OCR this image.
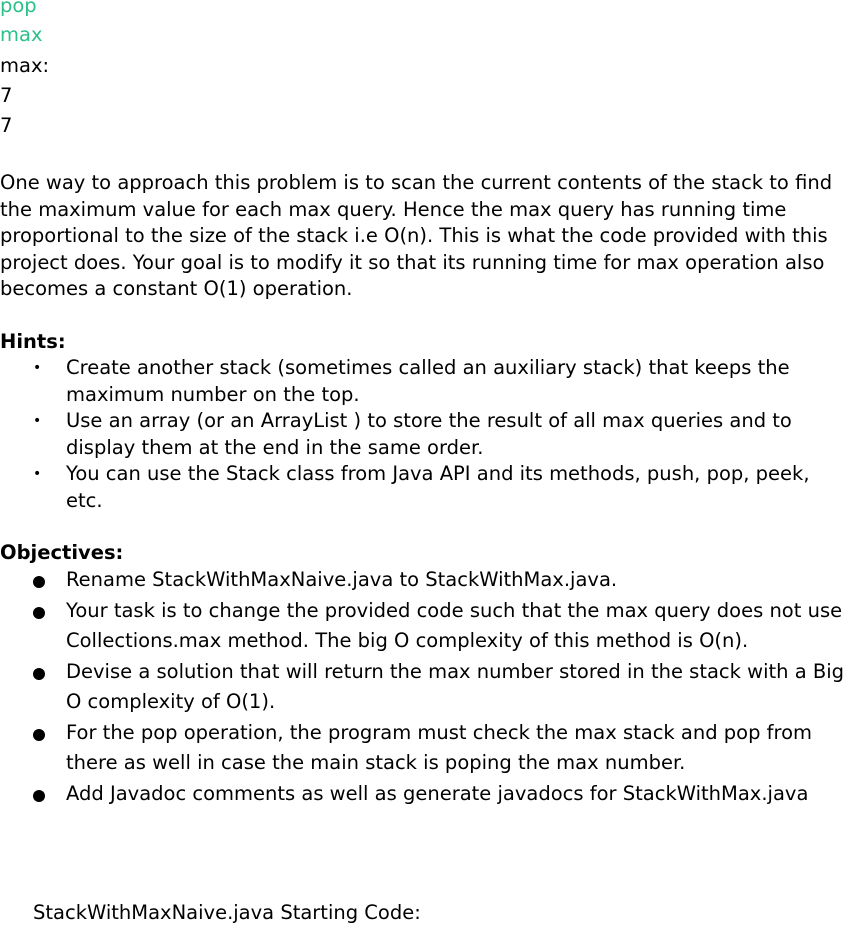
pop
max
max:
7
7
One way to approach this problem is to scan the current contents of the stack to find the maximum value for each max query. Hence the max query has running time proportional to the size of the stack i.e O(n). This is what the code provided with this project does. Your goal is to modify it so that its running time for max operation also becomes a constant O(1) operation.
Hints:
• Create another stack (sometimes called an auxiliary stack) that keeps the maximum number on the top.
• Use an array (or an ArrayList ) to store the result of all max queries and to display them at the end in the same order.
• You can use the Stack class from Java API and its methods, push, pop, peek, etc.
Objectives:
Rename StackWithMaxNaive.java to StackWithMax.java.
Your task is to change the provided code such that the max query does not use Collections.max method. The big O complexity of this method is O(n).
Devise a solution that will return the max number stored in the stack with a Big O complexity of O(1).
For the pop operation, the program must check the max stack and pop from there as well in case the main stack is poping the max number.
Add Javadoc comments as well as generate javadocs for StackWithMax.java
StackWithMaxNaive.java Starting Code:
